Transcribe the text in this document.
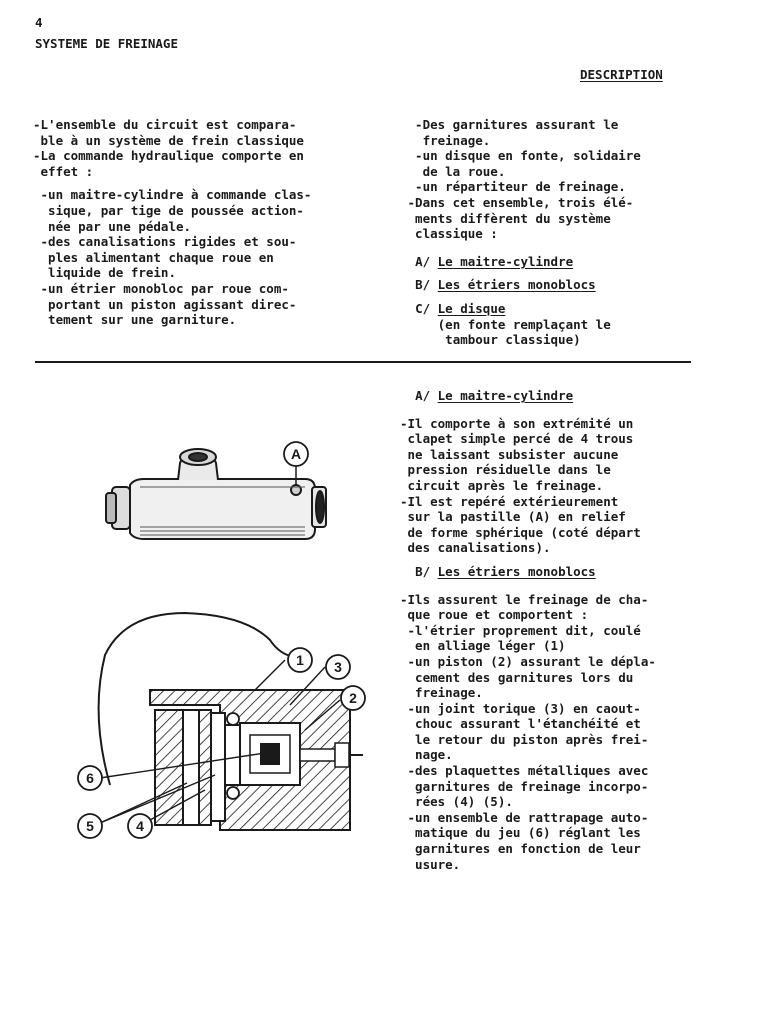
4
SYSTEME DE FREINAGE
DESCRIPTION
-L'ensemble du circuit est compara-
ble à un système de frein classique
-La commande hydraulique comporte en
effet :
-un maitre-cylindre à commande clas-
sique, par tige de poussée action-
née par une pédale.
-des canalisations rigides et sou-
ples alimentant chaque roue en
liquide de frein.
-un étrier monobloc par roue com-
portant un piston agissant direc-
tement sur une garniture.
-Des garnitures assurant le
freinage.
-un disque en fonte, solidaire
de la roue.
-un répartiteur de freinage.
-Dans cet ensemble, trois élé-
ments diffèrent du système
classique :
A/ Le maitre-cylindre
B/ Les étriers monoblocs
C/ Le disque
(en fonte remplaçant le
tambour classique)
A/ Le maitre-cylindre
-Il comporte à son extrémité un
clapet simple percé de 4 trous
ne laissant subsister aucune
pression résiduelle dans le
circuit après le freinage.
-Il est repéré extérieurement
sur la pastille (A) en relief
de forme sphérique (coté départ
des canalisations).
B/ Les étriers monoblocs
-Ils assurent le freinage de cha-
que roue et comportent :
-l'étrier proprement dit, coulé
en alliage léger (1)
-un piston (2) assurant le dépla-
cement des garnitures lors du
freinage.
-un joint torique (3) en caout-
chouc assurant l'étanchéité et
le retour du piston après frei-
nage.
-des plaquettes métalliques avec
garnitures de freinage incorpo-
rées (4) (5).
-un ensemble de rattrapage auto-
matique du jeu (6) réglant les
garnitures en fonction de leur
usure.
A
1
2
3
4
5
6
